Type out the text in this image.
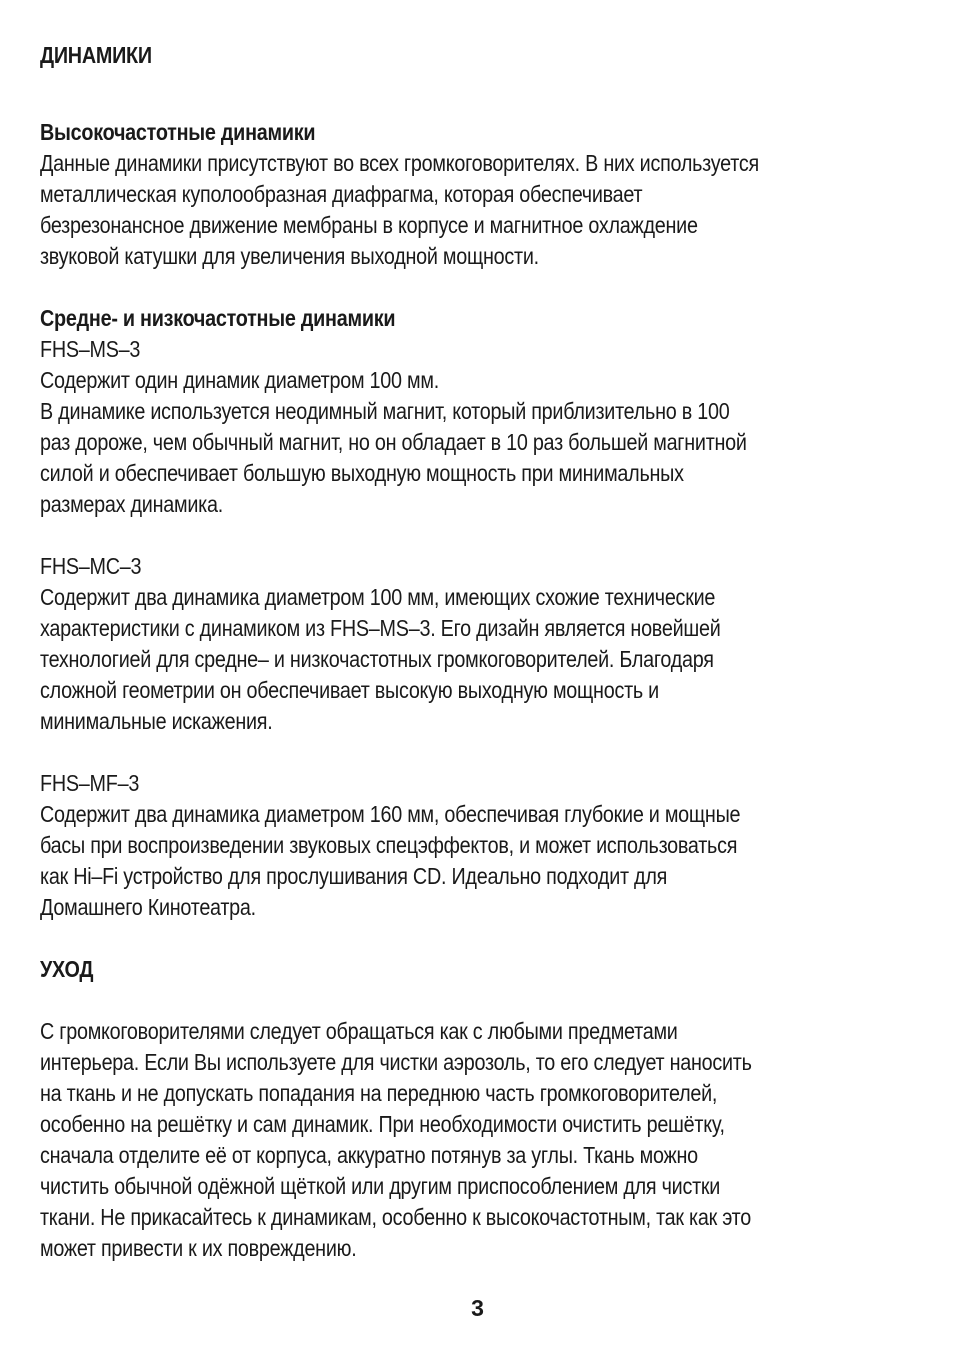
ДИНАМИКИ
Высокочастотные динамики
Данные динамики присутствуют во всех громкоговорителях. В них используется
металлическая куполообразная диафрагма, которая обеспечивает
безрезонансное движение мембраны в корпусе и магнитное охлаждение
звуковой катушки для увеличения выходной мощности.
Средне- и низкочастотные динамики
FHS–MS–3
Содержит один динамик диаметром 100 мм.
В динамике используется неодимный магнит, который приблизительно в 100
раз дороже, чем обычный магнит, но он обладает в 10 раз большей магнитной
силой и обеспечивает большую выходную мощность при минимальных
размерах динамика.
FHS–MC–3
Содержит два динамика диаметром 100 мм, имеющих схожие технические
характеристики с динамиком из FHS–MS–3. Его дизайн является новейшей
технологией для средне– и низкочастотных громкоговорителей. Благодаря
сложной геометрии он обеспечивает высокую выходную мощность и
минимальные искажения.
FHS–MF–3
Содержит два динамика диаметром 160 мм, обеспечивая глубокие и мощные
басы при воспроизведении звуковых спецэффектов, и может использоваться
как Hi–Fi устройство для прослушивания CD. Идеально подходит для
Домашнего Кинотеатра.
УХОД
С громкоговорителями следует обращаться как с любыми предметами
интерьера. Если Вы используете для чистки аэрозоль, то его следует наносить
на ткань и не допускать попадания на переднюю часть громкоговорителей,
особенно на решётку и сам динамик. При необходимости очистить решётку,
сначала отделите её от корпуса, аккуратно потянув за углы. Ткань можно
чистить обычной одёжной щёткой или другим приспособлением для чистки
ткани. Не прикасайтесь к динамикам, особенно к высокочастотным, так как это
может привести к их повреждению.
3
